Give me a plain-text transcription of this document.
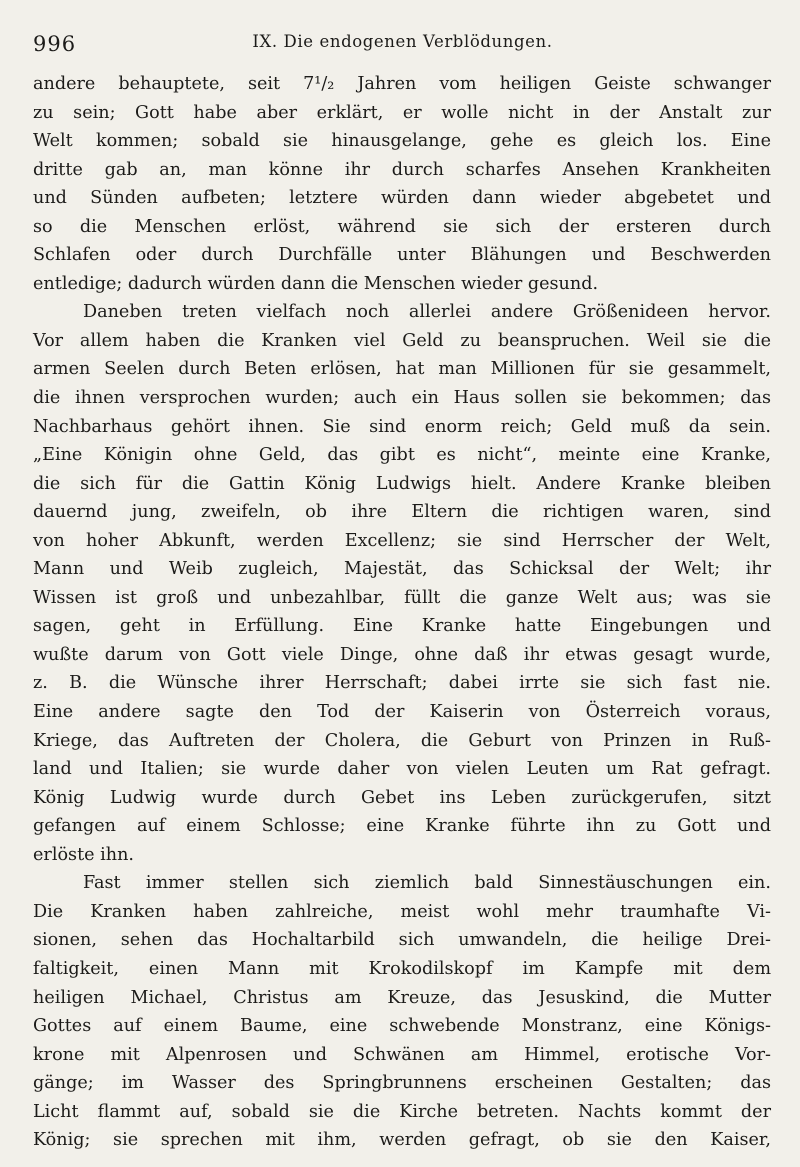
996	IX. Die endogenen Verblödungen.
andere behauptete, seit 7¹/₂ Jahren vom heiligen Geiste schwanger
zu sein; Gott habe aber erklärt, er wolle nicht in der Anstalt zur
Welt kommen; sobald sie hinausgelange, gehe es gleich los. Eine
dritte gab an, man könne ihr durch scharfes Ansehen Krankheiten
und Sünden aufbeten; letztere würden dann wieder abgebetet und
so die Menschen erlöst, während sie sich der ersteren durch
Schlafen oder durch Durchfälle unter Blähungen und Beschwerden
entledige; dadurch würden dann die Menschen wieder gesund.
Daneben treten vielfach noch allerlei andere Größenideen hervor.
Vor allem haben die Kranken viel Geld zu beanspruchen. Weil sie die
armen Seelen durch Beten erlösen, hat man Millionen für sie gesammelt,
die ihnen versprochen wurden; auch ein Haus sollen sie bekommen; das
Nachbarhaus gehört ihnen. Sie sind enorm reich; Geld muß da sein.
„Eine Königin ohne Geld, das gibt es nicht“, meinte eine Kranke,
die sich für die Gattin König Ludwigs hielt. Andere Kranke bleiben
dauernd jung, zweifeln, ob ihre Eltern die richtigen waren, sind
von hoher Abkunft, werden Excellenz; sie sind Herrscher der Welt,
Mann und Weib zugleich, Majestät, das Schicksal der Welt; ihr
Wissen ist groß und unbezahlbar, füllt die ganze Welt aus; was sie
sagen, geht in Erfüllung. Eine Kranke hatte Eingebungen und
wußte darum von Gott viele Dinge, ohne daß ihr etwas gesagt wurde,
z. B. die Wünsche ihrer Herrschaft; dabei irrte sie sich fast nie.
Eine andere sagte den Tod der Kaiserin von Österreich voraus,
Kriege, das Auftreten der Cholera, die Geburt von Prinzen in Ruß-
land und Italien; sie wurde daher von vielen Leuten um Rat gefragt.
König Ludwig wurde durch Gebet ins Leben zurückgerufen, sitzt
gefangen auf einem Schlosse; eine Kranke führte ihn zu Gott und
erlöste ihn.
Fast immer stellen sich ziemlich bald Sinnestäuschungen ein.
Die Kranken haben zahlreiche, meist wohl mehr traumhafte Vi-
sionen, sehen das Hochaltarbild sich umwandeln, die heilige Drei-
faltigkeit, einen Mann mit Krokodilskopf im Kampfe mit dem
heiligen Michael, Christus am Kreuze, das Jesuskind, die Mutter
Gottes auf einem Baume, eine schwebende Monstranz, eine Königs-
krone mit Alpenrosen und Schwänen am Himmel, erotische Vor-
gänge; im Wasser des Springbrunnens erscheinen Gestalten; das
Licht flammt auf, sobald sie die Kirche betreten. Nachts kommt der
König; sie sprechen mit ihm, werden gefragt, ob sie den Kaiser,
